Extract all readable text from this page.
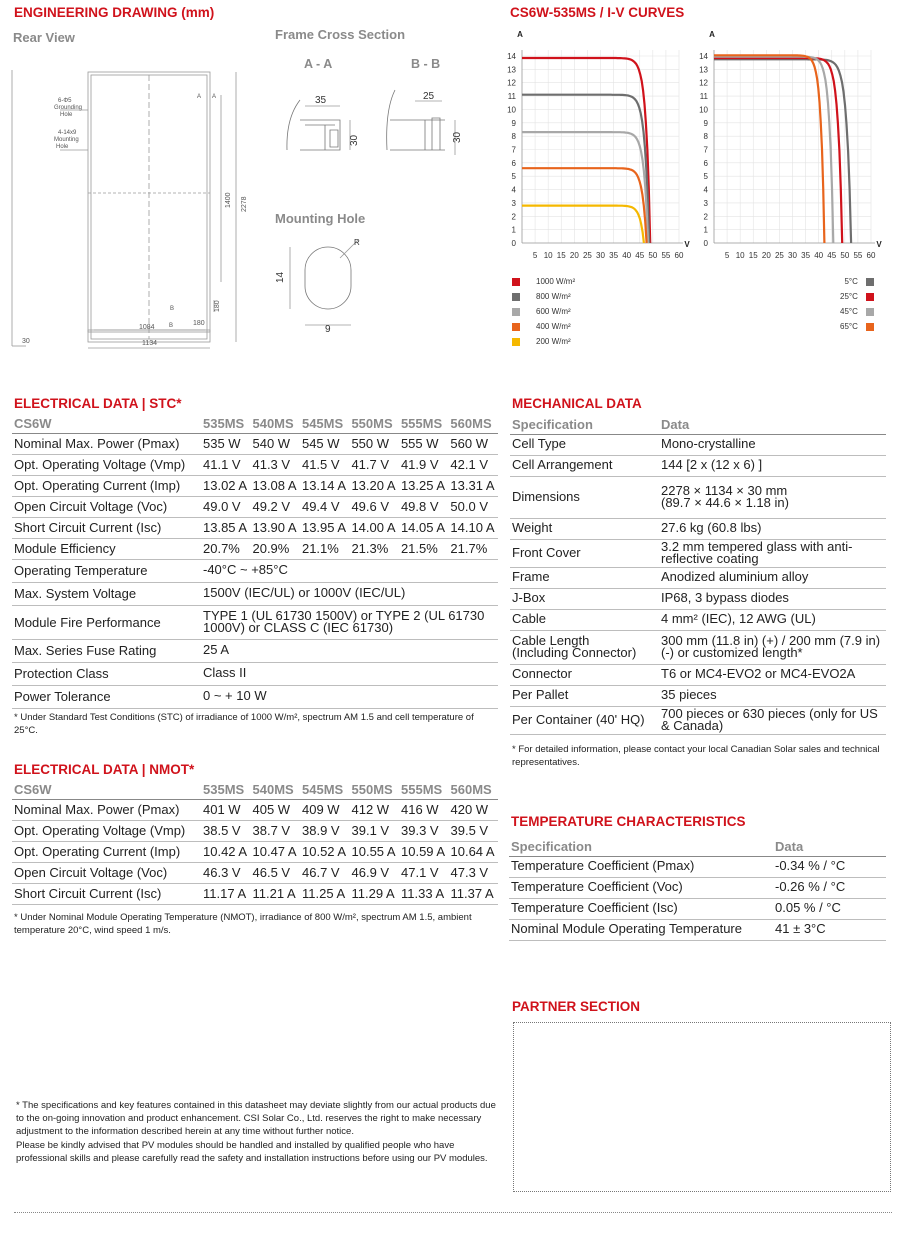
ENGINEERING DRAWING (mm)
Rear View	Frame Cross Section
A - A	B - B
Mounting Hole
6-Φ5
Grounding
Hole
4-14x9
Mounting
Hole
A A
B
B
1400 2278
1084
1134
180
180
30
35
30
25
30
14
9
R
CS6W-535MS / I-V CURVES
0
1
2
3
4
5
6
7
8
9
10
11
12
13
14
5 10 15 20 25 30 35 40 45 50 55 60
A
V 0
1
2
3
4
5
6
7
8
9
10
11
12
13
14
5 10 15 20 25 30 35 40 45 50 55 60
A
V
1000 W/m²
800 W/m²
600 W/m²
400 W/m²
200 W/m²
5°C
25°C
45°C
65°C
ELECTRICAL DATA | STC*
CS6W	535MS	540MS	545MS	550MS	555MS	560MS
Nominal Max. Power (Pmax)	535 W	540 W	545 W	550 W	555 W	560 W
Opt. Operating Voltage (Vmp)	41.1 V	41.3 V	41.5 V	41.7 V	41.9 V	42.1 V
Opt. Operating Current (Imp)	13.02 A	13.08 A	13.14 A	13.20 A	13.25 A	13.31 A
Open Circuit Voltage (Voc)	49.0 V	49.2 V	49.4 V	49.6 V	49.8 V	50.0 V
Short Circuit Current (Isc)	13.85 A	13.90 A	13.95 A	14.00 A	14.05 A	14.10 A
Module Efficiency	20.7%	20.9%	21.1%	21.3%	21.5%	21.7%
Operating Temperature	-40°C ~ +85°C					
Max. System Voltage	1500V (IEC/UL) or 1000V (IEC/UL)					
Module Fire Performance	TYPE 1 (UL 61730 1500V) or TYPE 2 (UL 61730 1000V) or CLASS C (IEC 61730)					
Max. Series Fuse Rating	25 A					
Protection Class	Class II					
Power Tolerance	0 ~ + 10 W					
* Under Standard Test Conditions (STC) of irradiance of 1000 W/m², spectrum AM 1.5 and cell temperature of 25°C.
ELECTRICAL DATA | NMOT*
CS6W	535MS	540MS	545MS	550MS	555MS	560MS
Nominal Max. Power (Pmax)	401 W	405 W	409 W	412 W	416 W	420 W
Opt. Operating Voltage (Vmp)	38.5 V	38.7 V	38.9 V	39.1 V	39.3 V	39.5 V
Opt. Operating Current (Imp)	10.42 A	10.47 A	10.52 A	10.55 A	10.59 A	10.64 A
Open Circuit Voltage (Voc)	46.3 V	46.5 V	46.7 V	46.9 V	47.1 V	47.3 V
Short Circuit Current (Isc)	11.17 A	11.21 A	11.25 A	11.29 A	11.33 A	11.37 A
* Under Nominal Module Operating Temperature (NMOT), irradiance of 800 W/m², spectrum AM 1.5, ambient temperature 20°C, wind speed 1 m/s.
MECHANICAL DATA
Specification	Data
Cell Type	Mono-crystalline
Cell Arrangement	144 [2 x (12 x 6) ]
Dimensions	2278 × 1134 × 30 mm
(89.7 × 44.6 × 1.18 in)
Weight	27.6 kg (60.8 lbs)
Front Cover	3.2 mm tempered glass with anti-reflective coating
Frame	Anodized aluminium alloy
J-Box	IP68, 3 bypass diodes
Cable	4 mm² (IEC), 12 AWG (UL)
Cable Length
(Including Connector)	300 mm (11.8 in) (+) / 200 mm (7.9 in) (-) or customized length*
Connector	T6 or MC4-EVO2 or MC4-EVO2A
Per Pallet	35 pieces
Per Container (40' HQ)	700 pieces or 630 pieces (only for US & Canada)
* For detailed information, please contact your local Canadian Solar sales and technical representatives.
TEMPERATURE CHARACTERISTICS
Specification	Data
Temperature Coefficient (Pmax)	-0.34 % / °C
Temperature Coefficient (Voc)	-0.26 % / °C
Temperature Coefficient (Isc)	0.05 % / °C
Nominal Module Operating Temperature	41 ± 3°C
PARTNER SECTION
* The specifications and key features contained in this datasheet may deviate slightly from our actual products due to the on-going innovation and product enhancement. CSI Solar Co., Ltd. reserves the right to make necessary adjustment to the information described herein at any time without further notice.
Please be kindly advised that PV modules should be handled and installed by qualified people who have professional skills and please carefully read the safety and installation instructions before using our PV modules.
